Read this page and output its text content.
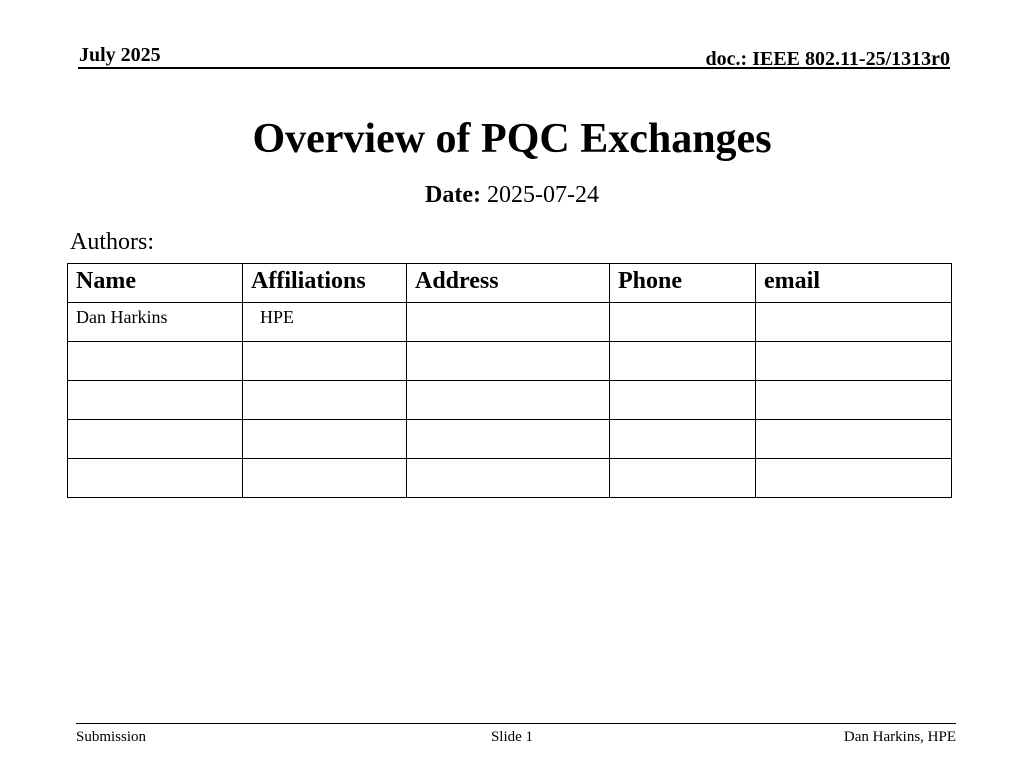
July 2025	doc.: IEEE 802.11-25/1313r0
Overview of PQC Exchanges
Date: 2025-07-24
Authors:
Name	Affiliations	Address	Phone	email
Dan Harkins	HPE			

Submission	Slide 1	Dan Harkins, HPE
